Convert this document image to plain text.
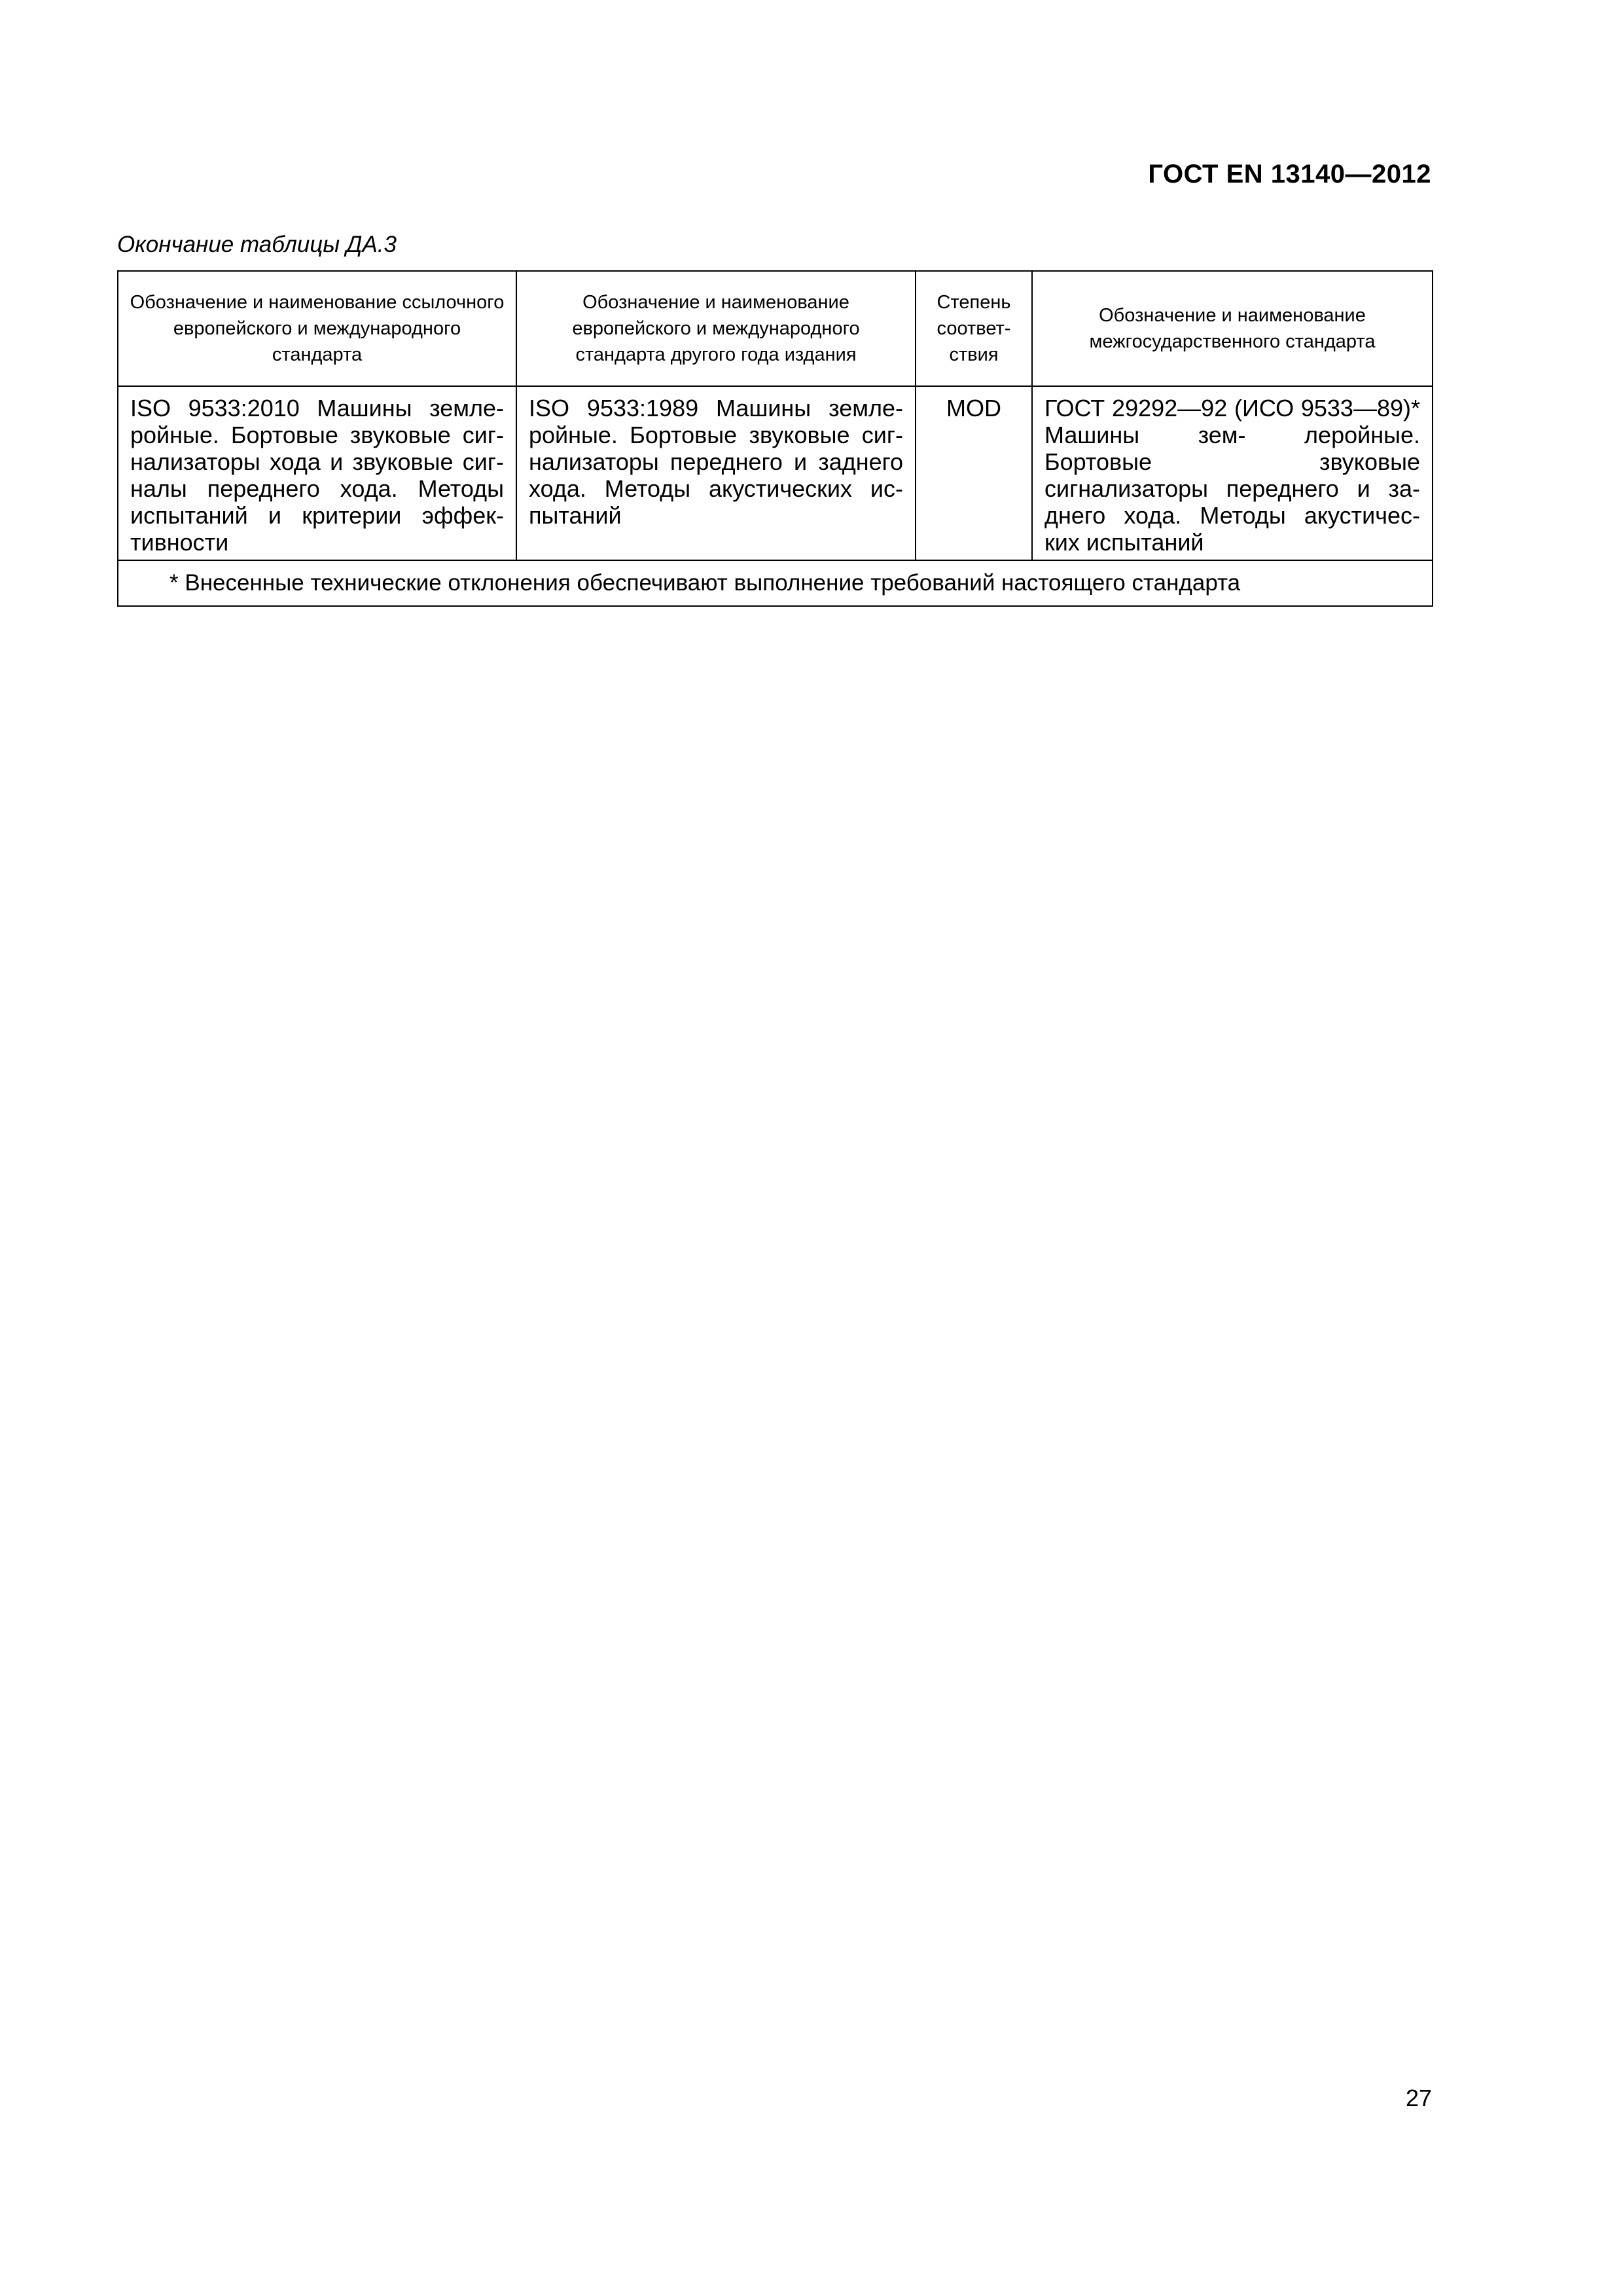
ГОСТ EN 13140—2012
Окончание таблицы ДА.3
Обозначение и наименование ссылочного европейского и международного стандарта	Обозначение и наименование европейского и международного стандарта другого года издания	Степень соответ- ствия	Обозначение и наименование межгосударственного стандарта
ISO 9533:2010 Машины земле- ройные. Бортовые звуковые сиг- нализаторы хода и звуковые сиг- налы переднего хода. Методы испытаний и критерии эффек- тивности	ISO 9533:1989 Машины земле- ройные. Бортовые звуковые сиг- нализаторы переднего и заднего хода. Методы акустических ис- пытаний	MOD	ГОСТ 29292—92 (ИСО 9533—89)* Машины зем- леройные. Бортовые звуковые сигнализаторы переднего и за- днего хода. Методы акустичес- ких испытаний
* Внесенные технические отклонения обеспечивают выполнение требований настоящего стандарта			
27
